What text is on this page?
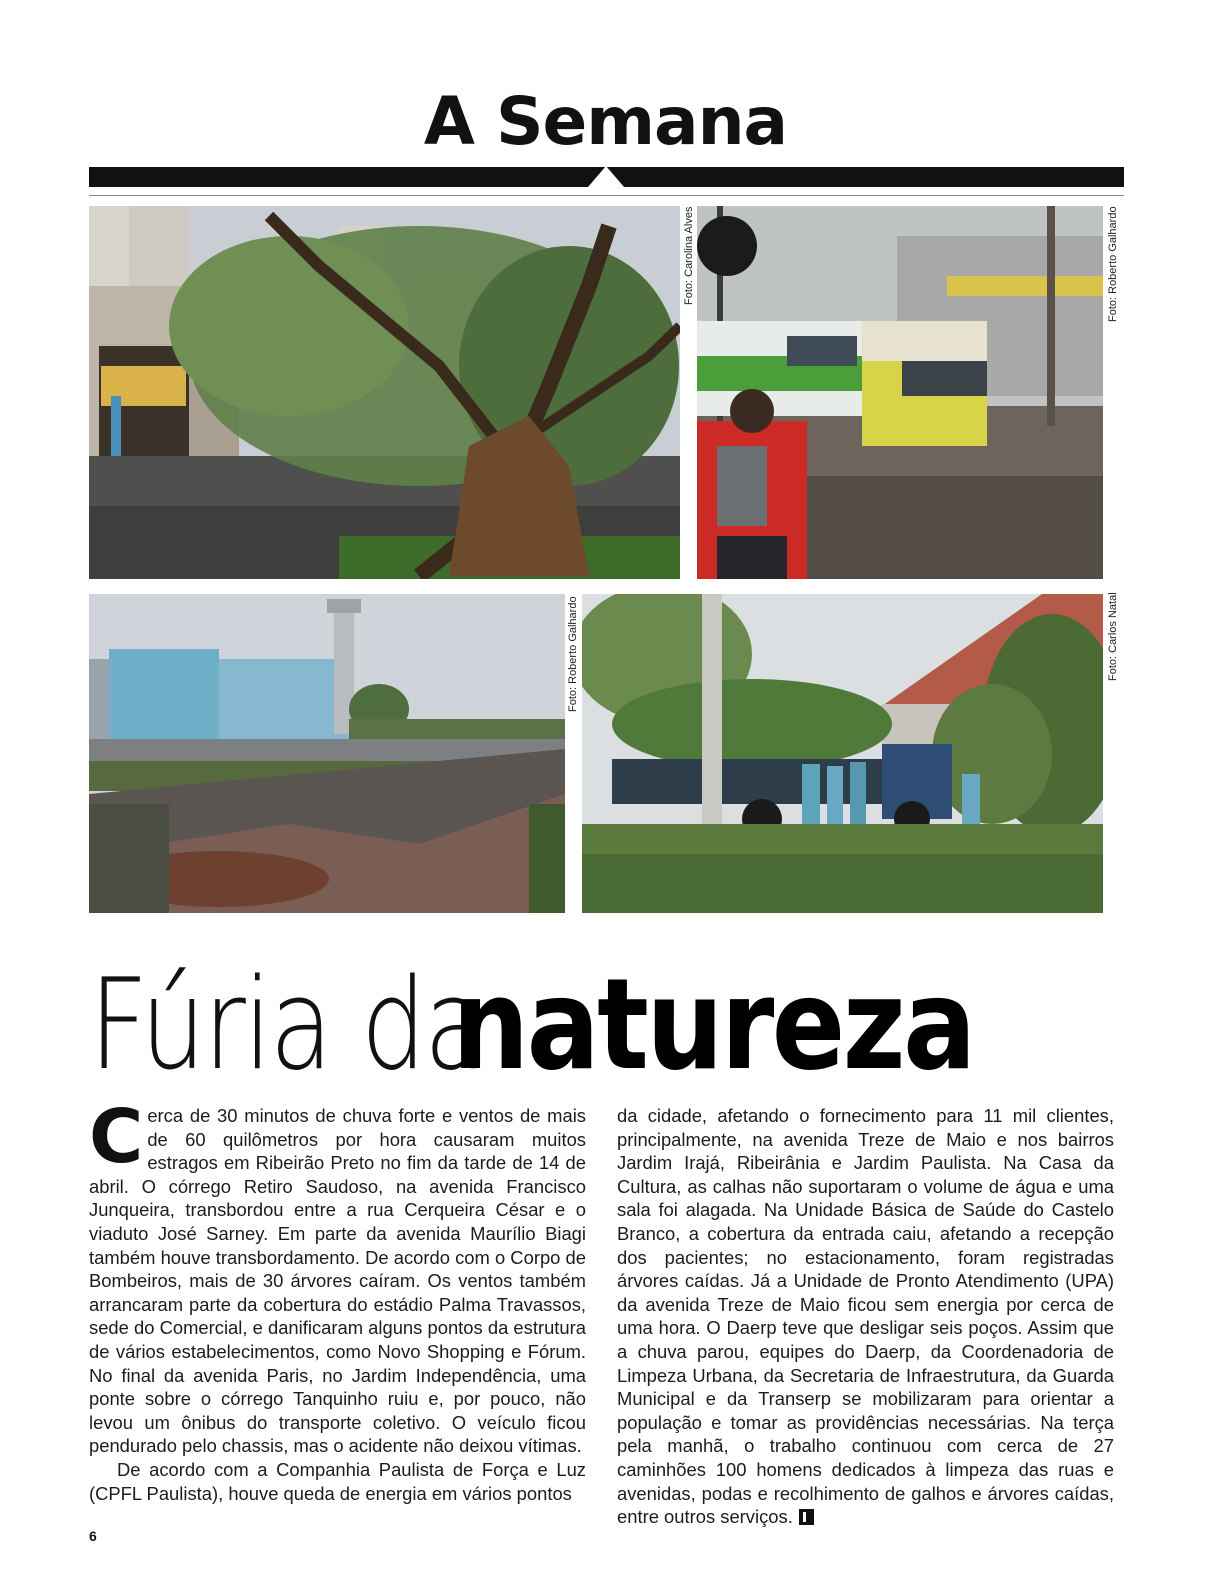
A Semana
Foto: Carolina Alves	Foto: Roberto Galhardo
Foto: Roberto Galhardo	Foto: Carlos Natal
Fúria danatureza

Cerca de 30 minutos de chuva forte e ventos de mais de 60 quilômetros por hora causaram muitos estragos em Ribeirão Preto no fim da tarde de 14 de abril. O córrego Retiro Saudoso, na avenida Francisco Junqueira, transbordou entre a rua Cerqueira César e o viaduto José Sarney. Em parte da avenida Maurílio Biagi também houve transbordamento. De acordo com o Corpo de Bombeiros, mais de 30 árvores caíram. Os ventos também arrancaram parte da cobertura do estádio Palma Travassos, sede do Comercial, e danificaram alguns pontos da estrutura de vários estabelecimentos, como Novo Shopping e Fórum. No final da avenida Paris, no Jardim Independência, uma ponte sobre o córrego Tanquinho ruiu e, por pouco, não levou um ônibus do transporte coletivo. O veículo ficou pendurado pelo chassis, mas o acidente não deixou vítimas.

De acordo com a Companhia Paulista de Força e Luz (CPFL Paulista), houve queda de energia em vários pontos

da cidade, afetando o fornecimento para 11 mil clientes, principalmente, na avenida Treze de Maio e nos bairros Jardim Irajá, Ribeirânia e Jardim Paulista. Na Casa da Cultura, as calhas não suportaram o volume de água e uma sala foi alagada. Na Unidade Básica de Saúde do Castelo Branco, a cobertura da entrada caiu, afetando a recepção dos pacientes; no estacionamento, foram registradas árvores caídas. Já a Unidade de Pronto Atendimento (UPA) da avenida Treze de Maio ficou sem energia por cerca de uma hora. O Daerp teve que desligar seis poços. Assim que a chuva parou, equipes do Daerp, da Coordenadoria de Limpeza Urbana, da Secretaria de Infraestrutura, da Guarda Municipal e da Transerp se mobilizaram para orientar a população e tomar as providências necessárias. Na terça pela manhã, o trabalho continuou com cerca de 27 caminhões 100 homens dedicados à limpeza das ruas e avenidas, podas e recolhimento de galhos e árvores caídas, entre outros serviços.

6
